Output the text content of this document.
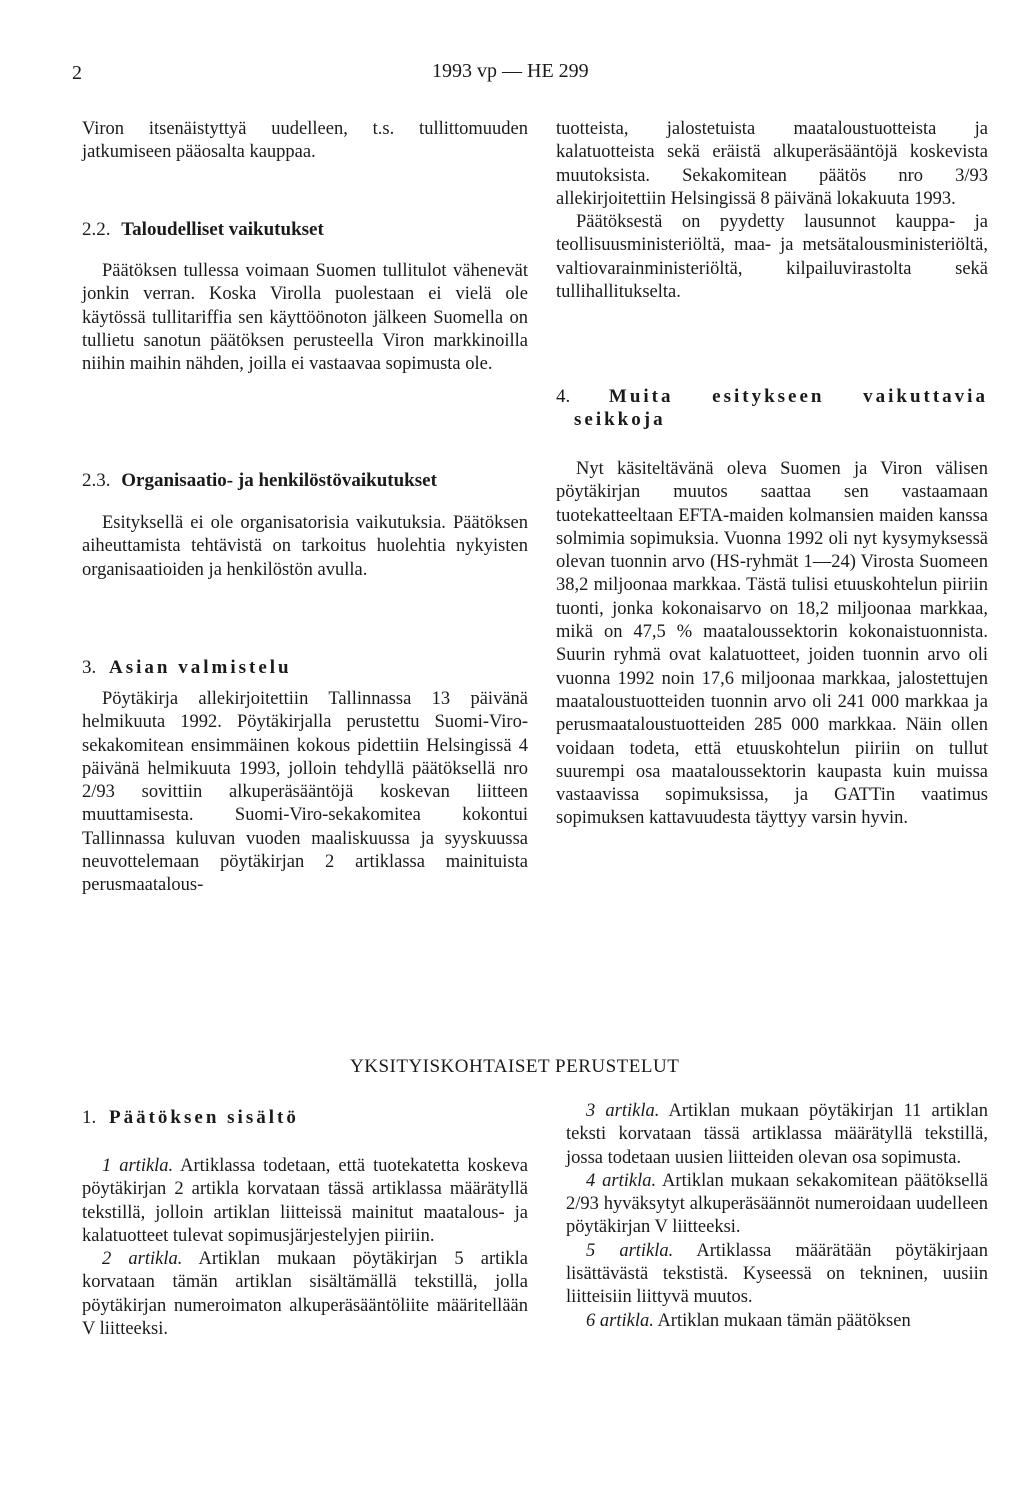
2	1993 vp — HE 299

Viron itsenäistyttyä uudelleen, t.s. tullittomuuden jatkumiseen pääosalta kauppaa.

2.2. Taloudelliset vaikutukset

Päätöksen tullessa voimaan Suomen tullitulot vähenevät jonkin verran. Koska Virolla puolestaan ei vielä ole käytössä tullitariffia sen käyttöönoton jälkeen Suomella on tullietu sanotun päätöksen perusteella Viron markkinoilla niihin maihin nähden, joilla ei vastaavaa sopimusta ole.

2.3. Organisaatio- ja henkilöstövaikutukset

Esityksellä ei ole organisatorisia vaikutuksia. Päätöksen aiheuttamista tehtävistä on tarkoitus huolehtia nykyisten organisaatioiden ja henkilöstön avulla.

3. Asian valmistelu

Pöytäkirja allekirjoitettiin Tallinnassa 13 päivänä helmikuuta 1992. Pöytäkirjalla perustettu Suomi-Viro-sekakomitean ensimmäinen kokous pidettiin Helsingissä 4 päivänä helmikuuta 1993, jolloin tehdyllä päätöksellä nro 2/93 sovittiin alkuperäsääntöjä koskevan liitteen muuttamisesta. Suomi-Viro-sekakomitea kokontui Tallinnassa kuluvan vuoden maaliskuussa ja syyskuussa neuvottelemaan pöytäkirjan 2 artiklassa mainituista perusmaatalous-

tuotteista, jalostetuista maataloustuotteista ja kalatuotteista sekä eräistä alkuperäsääntöjä koskevista muutoksista. Sekakomitean päätös nro 3/93 allekirjoitettiin Helsingissä 8 päivänä lokakuuta 1993.

Päätöksestä on pyydetty lausunnot kauppa- ja teollisuusministeriöltä, maa- ja metsätalousministeriöltä, valtiovarainministeriöltä, kilpailuvirastolta sekä tullihallitukselta.

4. Muita esitykseen vaikuttavia
seikkoja

Nyt käsiteltävänä oleva Suomen ja Viron välisen pöytäkirjan muutos saattaa sen vastaamaan tuotekatteeltaan EFTA-maiden kolmansien maiden kanssa solmimia sopimuksia. Vuonna 1992 oli nyt kysymyksessä olevan tuonnin arvo (HS-ryhmät 1—24) Virosta Suomeen 38,2 miljoonaa markkaa. Tästä tulisi etuuskohtelun piiriin tuonti, jonka kokonaisarvo on 18,2 miljoonaa markkaa, mikä on 47,5 % maataloussektorin kokonaistuonnista. Suurin ryhmä ovat kalatuotteet, joiden tuonnin arvo oli vuonna 1992 noin 17,6 miljoonaa markkaa, jalostettujen maataloustuotteiden tuonnin arvo oli 241 000 markkaa ja perusmaataloustuotteiden 285 000 markkaa. Näin ollen voidaan todeta, että etuuskohtelun piiriin on tullut suurempi osa maataloussektorin kaupasta kuin muissa vastaavissa sopimuksissa, ja GATTin vaatimus sopimuksen kattavuudesta täyttyy varsin hyvin.

YKSITYISKOHTAISET PERUSTELUT
1. Päätöksen sisältö

1 artikla. Artiklassa todetaan, että tuotekatetta koskeva pöytäkirjan 2 artikla korvataan tässä artiklassa määrätyllä tekstillä, jolloin artiklan liitteissä mainitut maatalous- ja kalatuotteet tulevat sopimusjärjestelyjen piiriin.

2 artikla. Artiklan mukaan pöytäkirjan 5 artikla korvataan tämän artiklan sisältämällä tekstillä, jolla pöytäkirjan numeroimaton alkuperäsääntöliite määritellään V liitteeksi.

3 artikla. Artiklan mukaan pöytäkirjan 11 artiklan teksti korvataan tässä artiklassa määrätyllä tekstillä, jossa todetaan uusien liitteiden olevan osa sopimusta.

4 artikla. Artiklan mukaan sekakomitean päätöksellä 2/93 hyväksytyt alkuperäsäännöt numeroidaan uudelleen pöytäkirjan V liitteeksi.

5 artikla. Artiklassa määrätään pöytäkirjaan lisättävästä tekstistä. Kyseessä on tekninen, uusiin liitteisiin liittyvä muutos.

6 artikla. Artiklan mukaan tämän päätöksen
